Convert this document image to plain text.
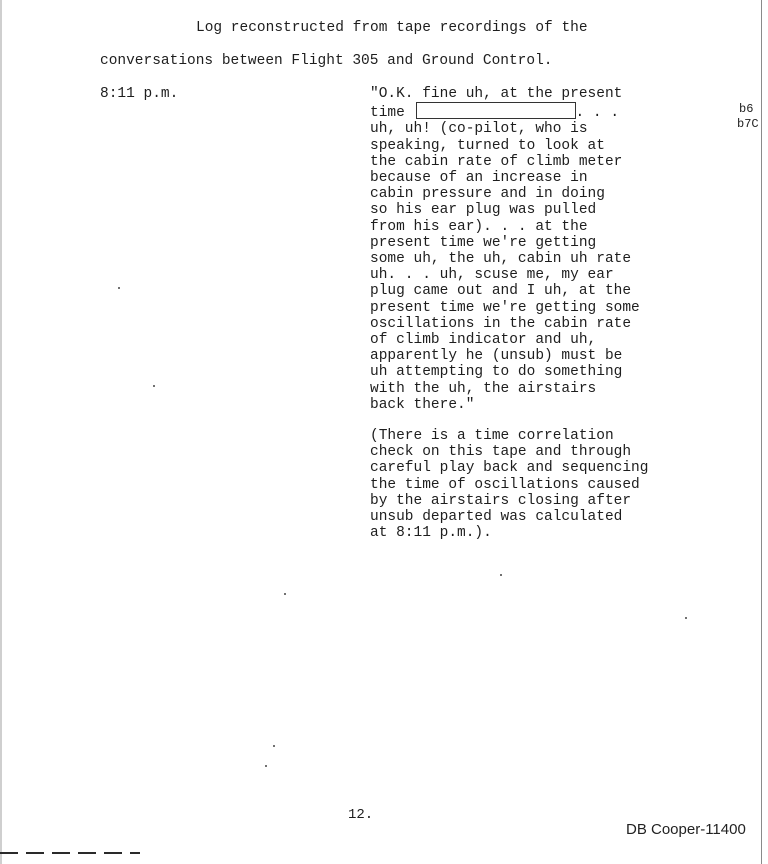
Log reconstructed from tape recordings of the
conversations between Flight 305 and Ground Control.
8:11 p.m.	"O.K. fine uh, at the present
time	. . .
uh, uh! (co-pilot, who is
speaking, turned to look at
the cabin rate of climb meter
because of an increase in
cabin pressure and in doing
so his ear plug was pulled
from his ear). . . at the
present time we're getting
some uh, the uh, cabin uh rate
uh. . . uh, scuse me, my ear
plug came out and I uh, at the
present time we're getting some
oscillations in the cabin rate
of climb indicator and uh,
apparently he (unsub) must be
uh attempting to do something
with the uh, the airstairs
back there."
(There is a time correlation
check on this tape and through
careful play back and sequencing
the time of oscillations caused
by the airstairs closing after
unsub departed was calculated
at 8:11 p.m.).
b6
b7C
12.
DB Cooper-11400
